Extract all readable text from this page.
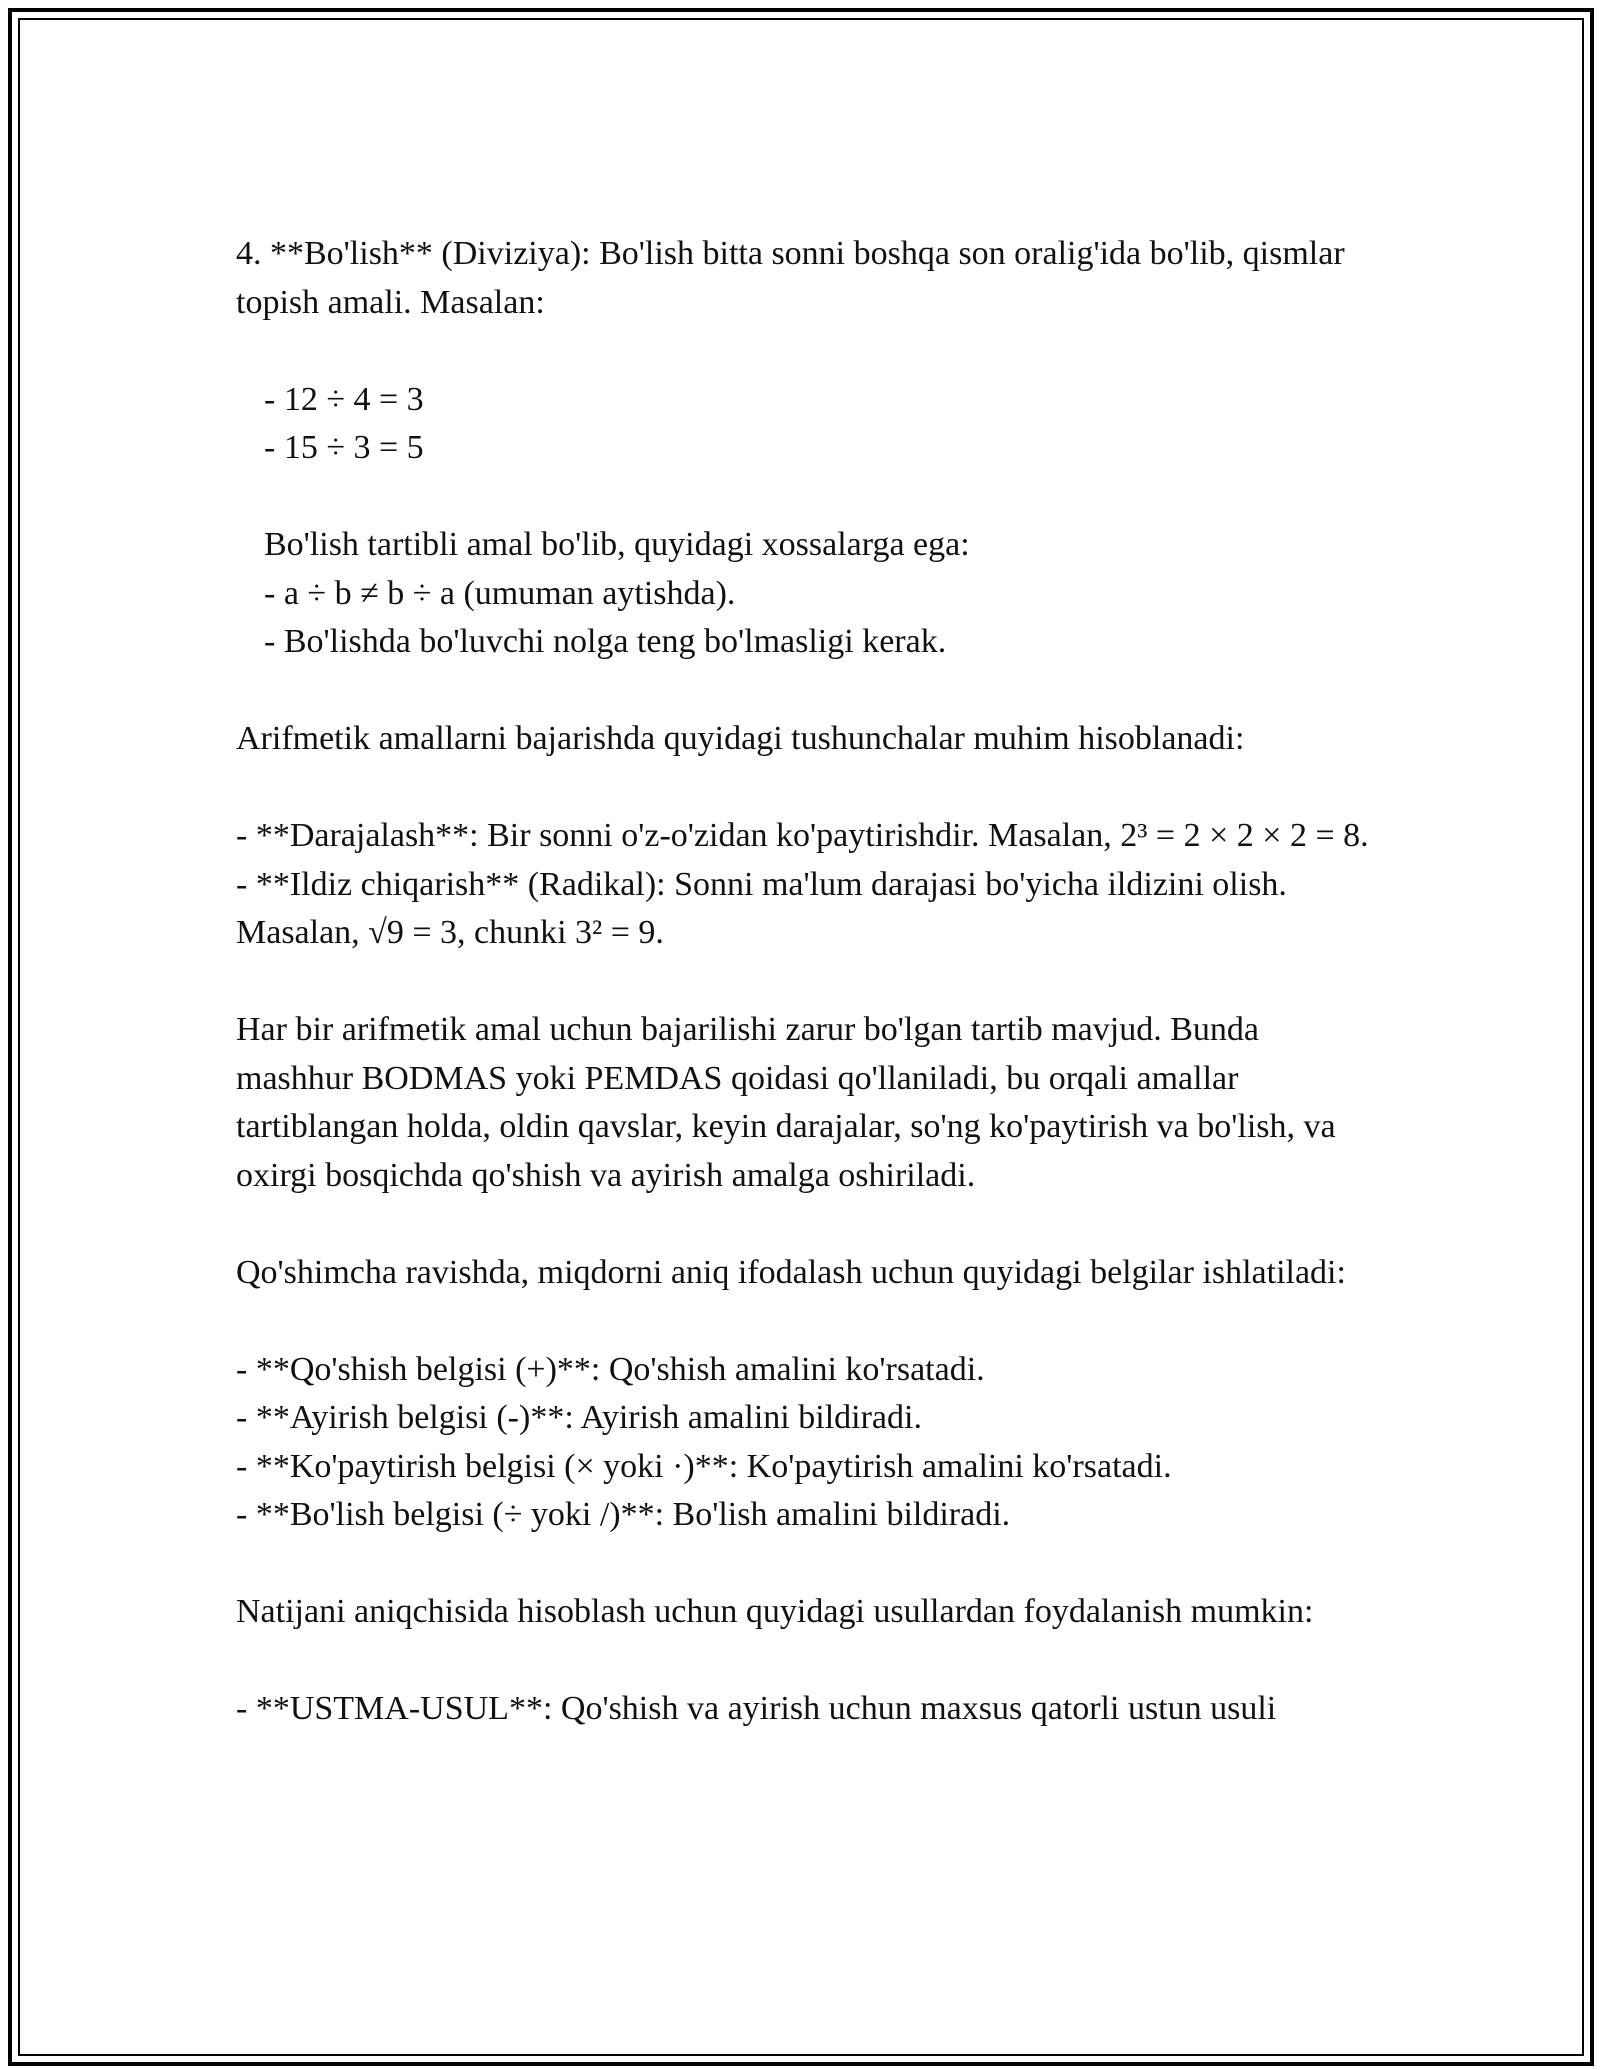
4. **Bo'lish** (Diviziya): Bo'lish bitta sonni boshqa son oralig'ida bo'lib, qismlar topish amali. Masalan:

- 12 ÷ 4 = 3
- 15 ÷ 3 = 5
Bo'lish tartibli amal bo'lib, quyidagi xossalarga ega:
- a ÷ b ≠ b ÷ a (umuman aytishda).
- Bo'lishda bo'luvchi nolga teng bo'lmasligi kerak.

Arifmetik amallarni bajarishda quyidagi tushunchalar muhim hisoblanadi:

- **Darajalash**: Bir sonni o'z-o'zidan ko'paytirishdir. Masalan, 2³ = 2 × 2 × 2 = 8.

- **Ildiz chiqarish** (Radikal): Sonni ma'lum darajasi bo'yicha ildizini olish. Masalan, √9 = 3, chunki 3² = 9.

Har bir arifmetik amal uchun bajarilishi zarur bo'lgan tartib mavjud. Bunda mashhur BODMAS yoki PEMDAS qoidasi qo'llaniladi, bu orqali amallar tartiblangan holda, oldin qavslar, keyin darajalar, so'ng ko'paytirish va bo'lish, va oxirgi bosqichda qo'shish va ayirish amalga oshiriladi.

Qo'shimcha ravishda, miqdorni aniq ifodalash uchun quyidagi belgilar ishlatiladi:

- **Qo'shish belgisi (+)**: Qo'shish amalini ko'rsatadi.
- **Ayirish belgisi (-)**: Ayirish amalini bildiradi.
- **Ko'paytirish belgisi (× yoki ·)**: Ko'paytirish amalini ko'rsatadi.
- **Bo'lish belgisi (÷ yoki /)**: Bo'lish amalini bildiradi.

Natijani aniqchisida hisoblash uchun quyidagi usullardan foydalanish mumkin:

- **USTMA-USUL**: Qo'shish va ayirish uchun maxsus qatorli ustun usuli
